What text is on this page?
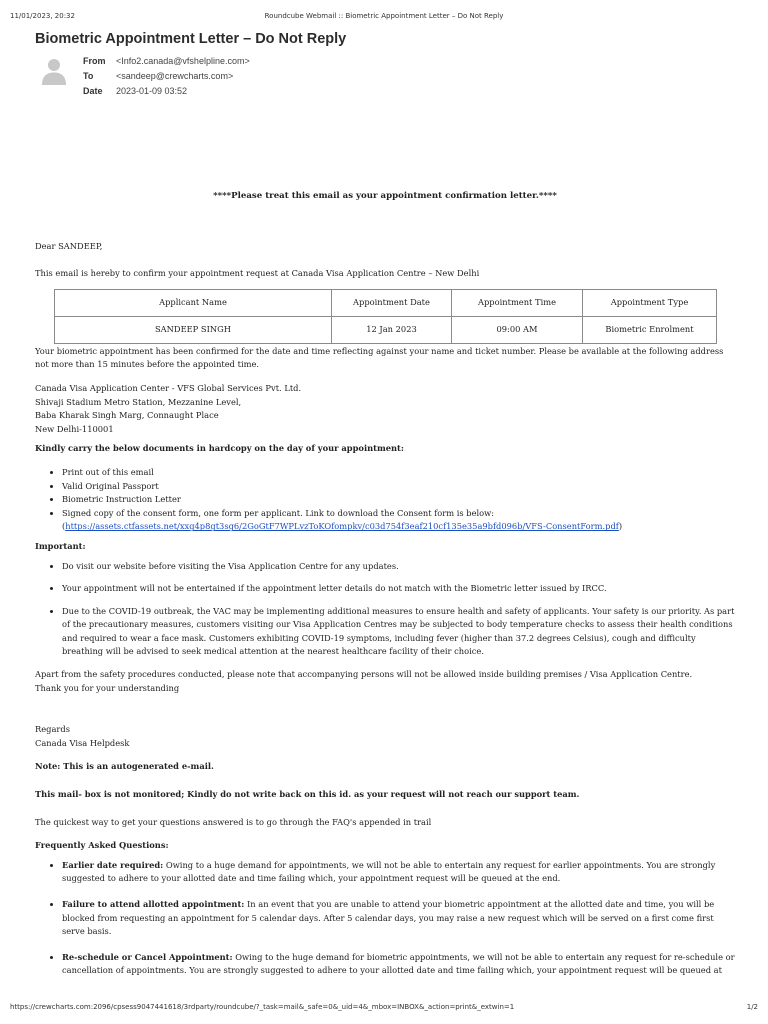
11/01/2023, 20:32	Roundcube Webmail :: Biometric Appointment Letter – Do Not Reply
Biometric Appointment Letter – Do Not Reply
From	<Info2.canada@vfshelpline.com>
To	<sandeep@crewcharts.com>
Date	2023-01-09 03:52

****Please treat this email as your appointment confirmation letter.****

Dear SANDEEP,

This email is hereby to confirm your appointment request at Canada Visa Application Centre – New Delhi

Applicant Name	Appointment Date	Appointment Time	Appointment Type
SANDEEP SINGH	12 Jan 2023	09:00 AM	Biometric Enrolment

Your biometric appointment has been confirmed for the date and time reflecting against your name and ticket number. Please be available at the following address not more than 15 minutes before the appointed time.

Canada Visa Application Center - VFS Global Services Pvt. Ltd.
Shivaji Stadium Metro Station, Mezzanine Level,
Baba Kharak Singh Marg, Connaught Place
New Delhi-110001

Kindly carry the below documents in hardcopy on the day of your appointment:

• Print out of this email
• Valid Original Passport
• Biometric Instruction Letter
• Signed copy of the consent form, one form per applicant. Link to download the Consent form is below:
(https://assets.ctfassets.net/xxg4p8gt3sg6/2GoGtF7WPLvzToKOfompkv/c03d754f3eaf210cf135e35a9bfd096b/VFS-ConsentForm.pdf)

Important:

• Do visit our website before visiting the Visa Application Centre for any updates.
• Your appointment will not be entertained if the appointment letter details do not match with the Biometric letter issued by IRCC.
• Due to the COVID-19 outbreak, the VAC may be implementing additional measures to ensure health and safety of applicants. Your safety is our priority. As part of the precautionary measures, customers visiting our Visa Application Centres may be subjected to body temperature checks to assess their health conditions and required to wear a face mask. Customers exhibiting COVID-19 symptoms, including fever (higher than 37.2 degrees Celsius), cough and difficulty breathing will be advised to seek medical attention at the nearest healthcare facility of their choice.

Apart from the safety procedures conducted, please note that accompanying persons will not be allowed inside building premises / Visa Application Centre.

Thank you for your understanding

Regards

Canada Visa Helpdesk

Note: This is an autogenerated e-mail.

This mail- box is not monitored; Kindly do not write back on this id. as your request will not reach our support team.

The quickest way to get your questions answered is to go through the FAQ's appended in trail

Frequently Asked Questions:

• Earlier date required: Owing to a huge demand for appointments, we will not be able to entertain any request for earlier appointments. You are strongly suggested to adhere to your allotted date and time failing which, your appointment request will be queued at the end.
• Failure to attend allotted appointment: In an event that you are unable to attend your biometric appointment at the allotted date and time, you will be blocked from requesting an appointment for 5 calendar days. After 5 calendar days, you may raise a new request which will be served on a first come first serve basis.
• Re-schedule or Cancel Appointment: Owing to the huge demand for biometric appointments, we will not be able to entertain any request for re-schedule or cancellation of appointments. You are strongly suggested to adhere to your allotted date and time failing which, your appointment request will be queued at
https://crewcharts.com:2096/cpsess9047441618/3rdparty/roundcube/?_task=mail&_safe=0&_uid=4&_mbox=INBOX&_action=print&_extwin=1	1/2
